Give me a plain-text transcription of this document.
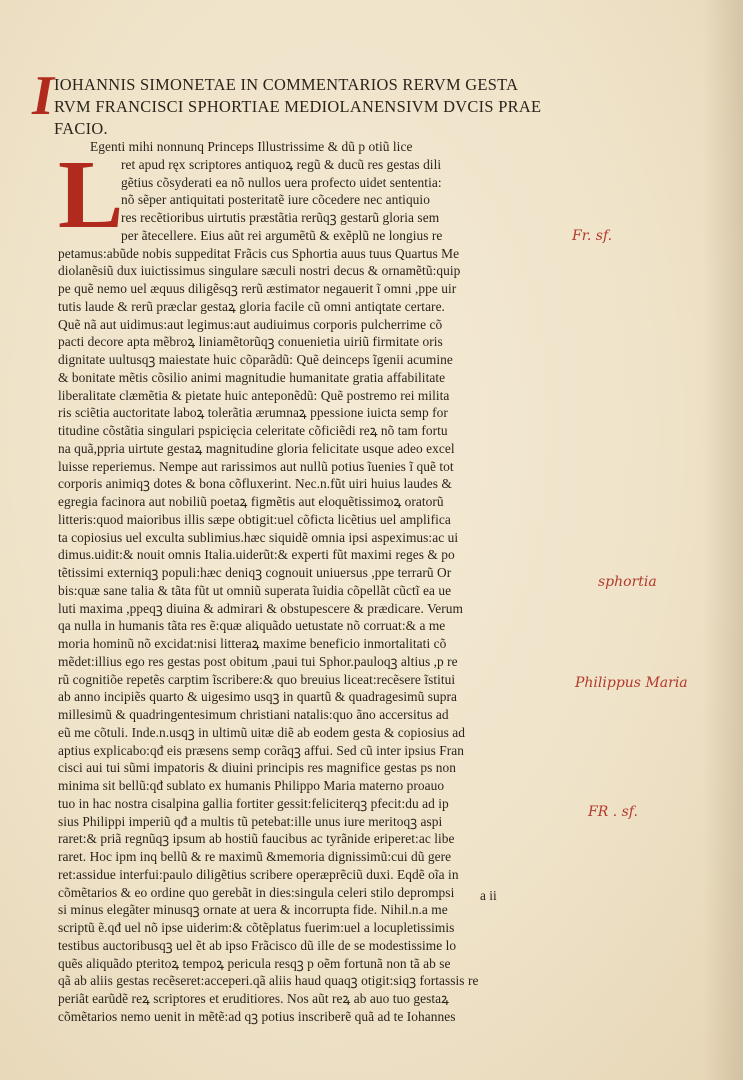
I IOHANNIS SIMONETAE IN COMMENTARIOS RERVM GESTA
RVM FRANCISCI SPHORTIAE MEDIOLANENSIVM DVCIS PRAE
FACIO.
L
Egenti mihi nonnunq Princeps Illustrissime & dũ p otiũ lice
ret apud ręx scriptores antiquoꝝ regũ & ducũ res gestas dili
gẽtius cõsyderati ea nõ nullos uera profecto uidet sententia:
nõ sẽper antiquitati posteritatẽ iure cõcedere nec antiquio
res recẽtioribus uirtutis præstãtia rerũqꝫ gestarũ gloria sem
per ãtecellere. Eius aũt rei argumẽtũ & exẽplũ ne longius re
petamus:abũde nobis suppeditat Frãcis cus Sphortia auus tuus Quartus Me
diolanẽsiũ dux iuictissimus singulare sæculi nostri decus & ornamẽtũ:quip
pe quẽ nemo uel æquus diligẽsqꝫ rerũ æstimator negauerit ĩ omni ,ppe uir
tutis laude & rerũ præclar gestaꝝ gloria facile cũ omni antiqtate certare.
Quẽ nã aut uidimus:aut legimus:aut audiuimus corporis pulcherrime cõ
pacti decore apta mẽbroꝝ liniamẽtorũqꝫ conuenietia uiriũ firmitate oris
dignitate uultusqꝫ maiestate huic cõparãdũ: Quẽ deinceps ĩgenii acumine
& bonitate mẽtis cõsilio animi magnitudie humanitate gratia affabilitate
liberalitate clæmẽtia & pietate huic anteponẽdũ: Quẽ postremo rei milita
ris sciẽtia auctoritate laboꝝ tolerãtia ærumnaꝝ ppessione iuicta semp for
titudine cõstãtia singulari pspicięcia celeritate cõficiẽdi reꝝ nõ tam fortu
na quã,ppria uirtute gestaꝝ magnitudine gloria felicitate usque adeo excel
luisse reperiemus. Nempe aut rarissimos aut nullũ potius ĩuenies ĩ quẽ tot
corporis animiqꝫ dotes & bona cõfluxerint. Nec.n.fũt uiri huius laudes &
egregia facinora aut nobiliũ poetaꝝ figmẽtis aut eloquẽtissimoꝝ oratorũ
litteris:quod maioribus illis sæpe obtigit:uel cõficta licẽtius uel amplifica
ta copiosius uel exculta sublimius.hæc siquidẽ omnia ipsi aspeximus:ac ui
dimus.uidit:& nouit omnis Italia.uiderũt:& experti fũt maximi reges & po
tẽtissimi externiqꝫ populi:hæc deniqꝫ cognouit uniuersus ,ppe terrarũ Or
bis:quæ sane talia & tãta fũt ut omniũ superata ĩuidia cõpellãt cũctĩ ea ue
luti maxima ,ppeqꝫ diuina & admirari & obstupescere & prædicare. Verum
qa nulla in humanis tãta res ẽ:quæ aliquãdo uetustate nõ corruat:& a me
moria hominũ nõ excidat:nisi litteraꝝ maxime beneficio inmortalitati cõ
mẽdet:illius ego res gestas post obitum ,paui tui Sphor.pauloqꝫ altius ,p re
rũ cognitiõe repetẽs carptim ĩscribere:& quo breuius liceat:recẽsere ĩstitui
ab anno incipiẽs quarto & uigesimo usqꝫ in quartũ & quadragesimũ supra
millesimũ & quadringentesimum christiani natalis:quo ãno accersitus ad
eũ me cõtuli. Inde.n.usqꝫ in ultimũ uitæ diẽ ab eodem gesta & copiosius ad
aptius explicabo:qđ eis præsens semp corãqꝫ affui. Sed cũ inter ipsius Fran
cisci aui tui sũmi impatoris & diuini principis res magnifice gestas ps non
minima sit bellũ:qđ sublato ex humanis Philippo Maria materno proauo
tuo in hac nostra cisalpina gallia fortiter gessit:feliciterqꝫ pfecit:du ad ip
sius Philippi imperiũ qđ a multis tũ petebat:ille unus iure meritoqꝫ aspi
raret:& priã regnũqꝫ ipsum ab hostiũ faucibus ac tyrãnide eriperet:ac libe
raret. Hoc ipm inq bellũ & re maximũ &memoria dignissimũ:cui dũ gere
ret:assidue interfui:paulo diligẽtius scribere operæprẽciũ duxi. Eqdẽ oĩa in
cõmẽtarios & eo ordine quo gerebãt in dies:singula celeri stilo deprompsi
si minus elegãter minusqꝫ ornate at uera & incorrupta fide. Nihil.n.a me
scriptũ ẽ.qđ uel nõ ipse uiderim:& cõtẽplatus fuerim:uel a locupletissimis
testibus auctoribusqꝫ uel ẽt ab ipso Frãcisco dũ ille de se modestissime lo
quẽs aliquãdo pteritoꝝ tempoꝝ pericula resqꝫ p oẽm fortunã non tã ab se
qã ab aliis gestas recẽseret:acceperi.qã aliis haud quaqꝫ otigit:siqꝫ fortassis re
periãt earũdẽ reꝝ scriptores et eruditiores. Nos aũt reꝝ ab auo tuo gestaꝝ
cõmẽtarios nemo uenit in mẽtẽ:ad qꝫ potius inscriberẽ quã ad te Iohannes
a ii
Fr. sf.
sphortia
Philippus Maria
FR . sf.
